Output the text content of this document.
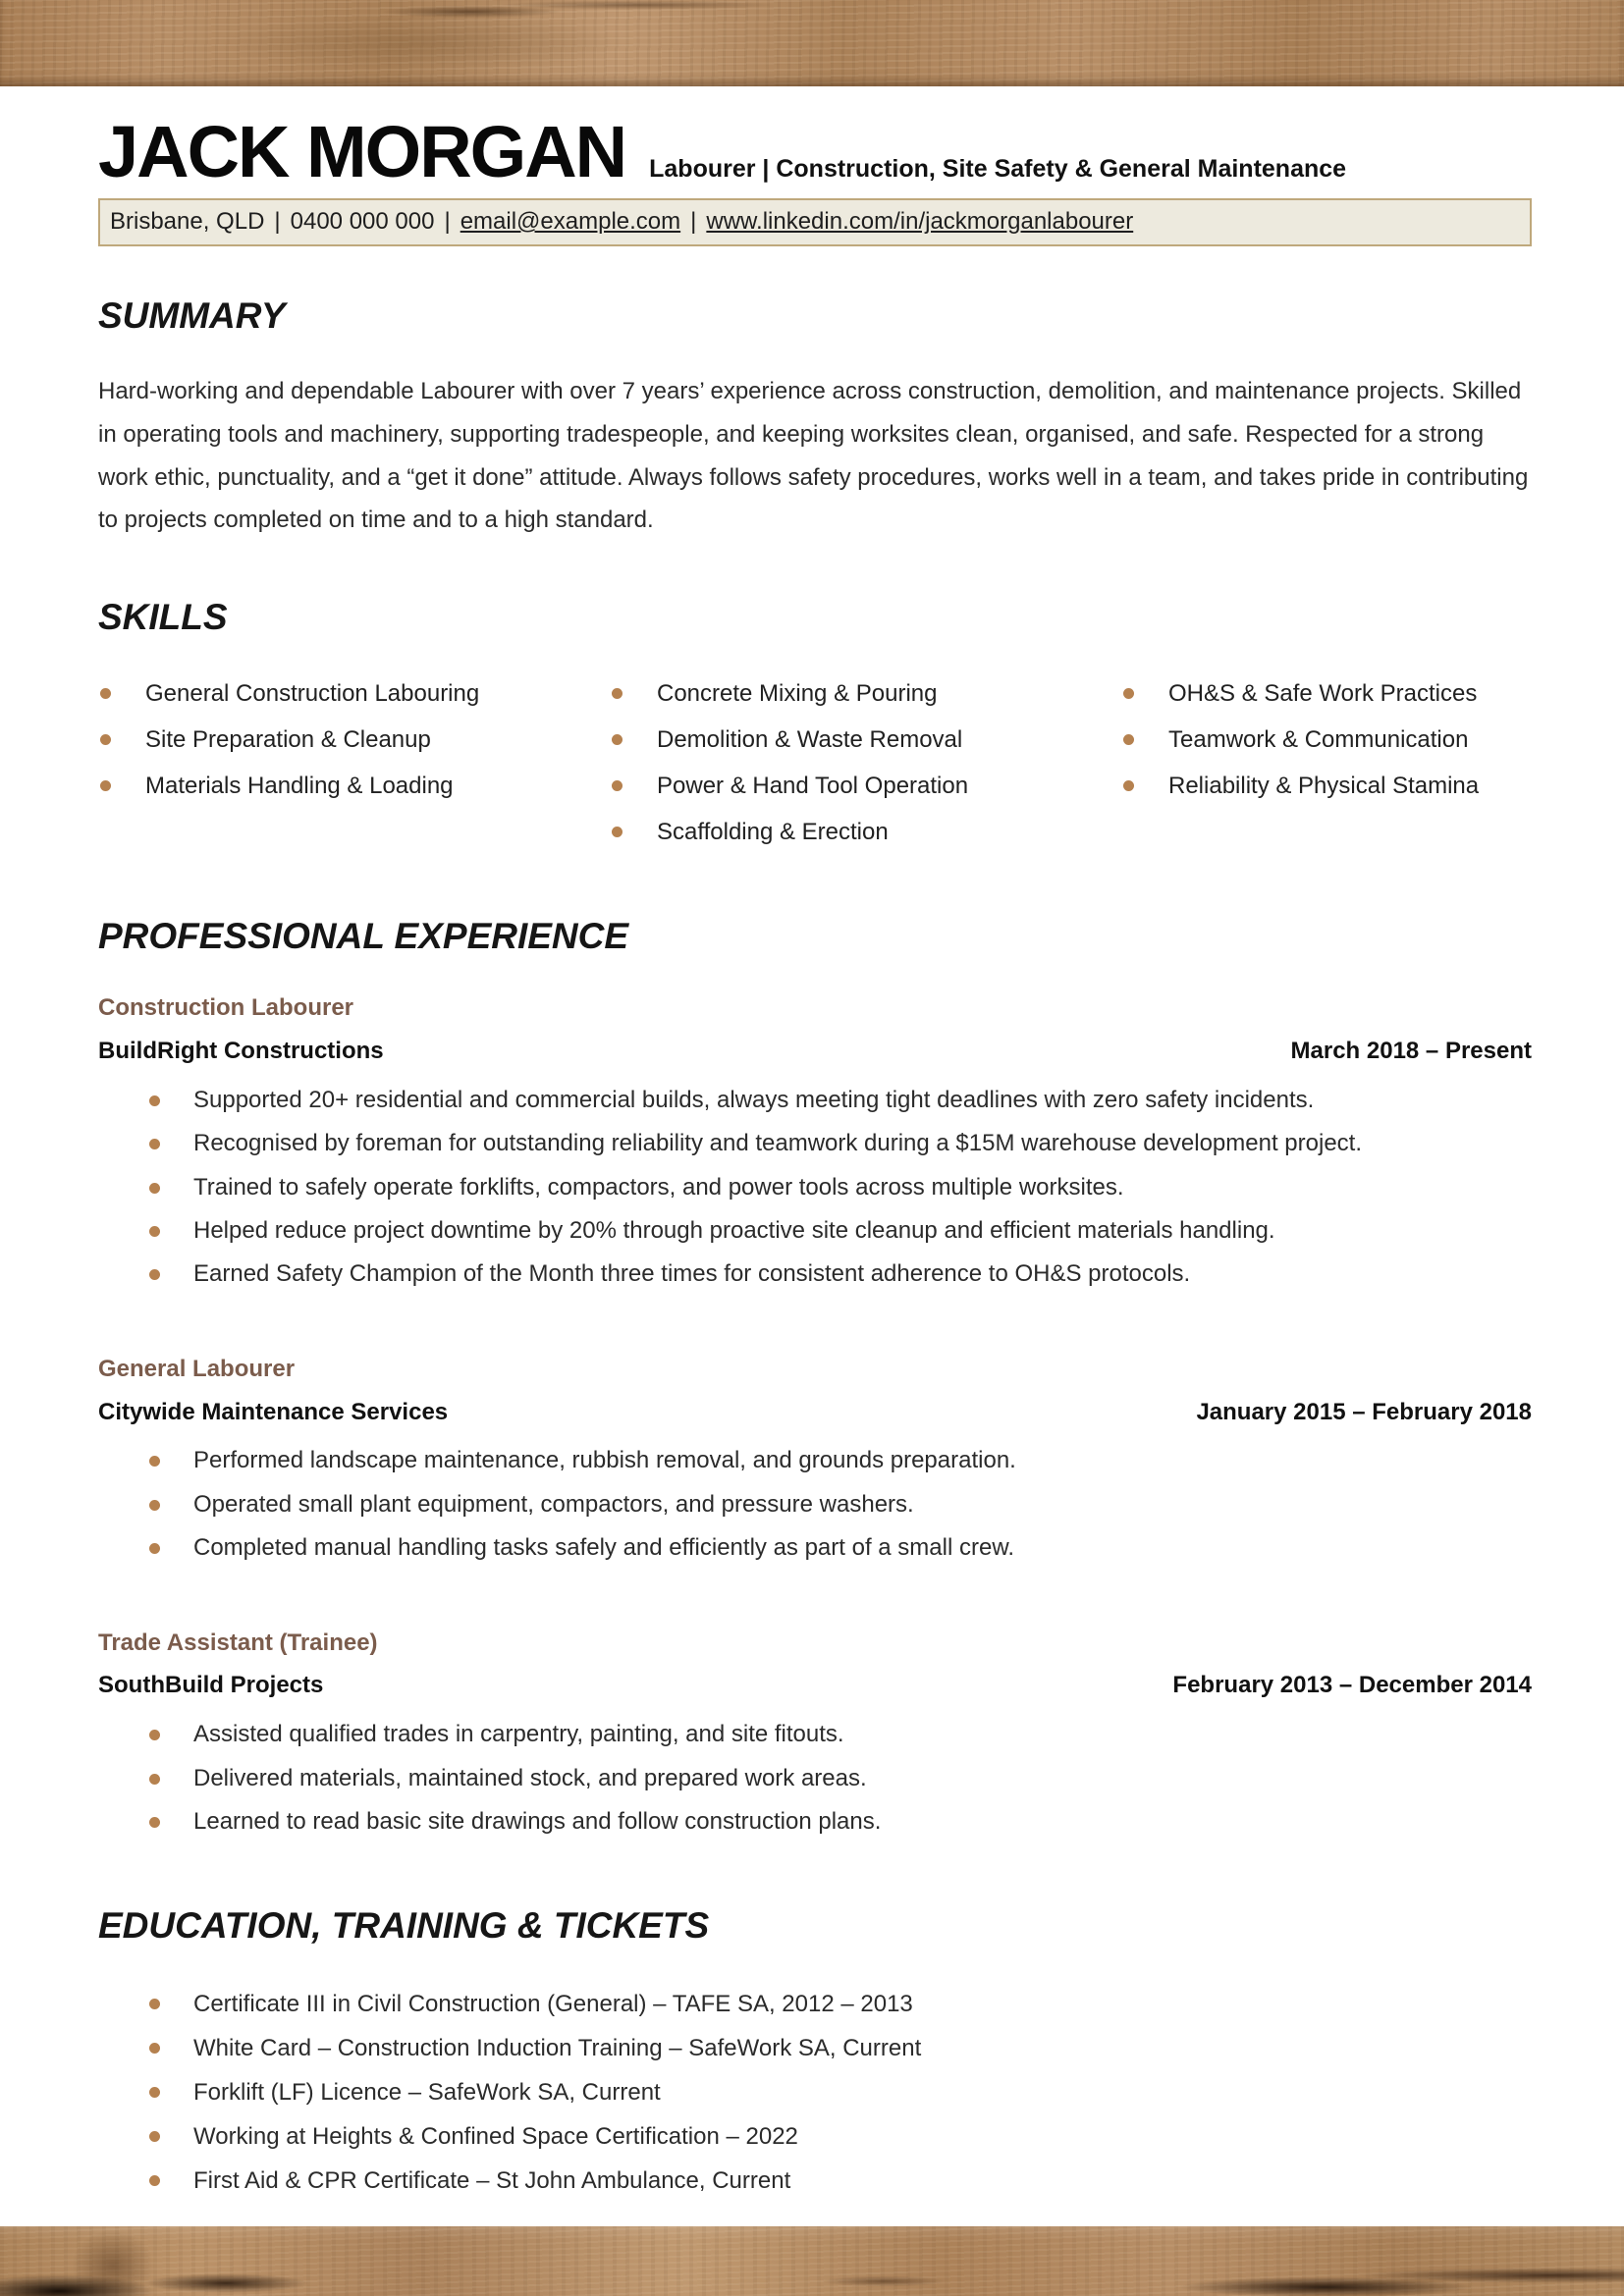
JACK MORGAN Labourer | Construction, Site Safety & General Maintenance
Brisbane, QLD | 0400 000 000 | email@example.com | www.linkedin.com/in/jackmorganlabourer
SUMMARY
Hard-working and dependable Labourer with over 7 years’ experience across construction, demolition, and maintenance projects. Skilled in operating tools and machinery, supporting tradespeople, and keeping worksites clean, organised, and safe. Respected for a strong work ethic, punctuality, and a “get it done” attitude. Always follows safety procedures, works well in a team, and takes pride in contributing to projects completed on time and to a high standard.
SKILLS
General Construction Labouring
Site Preparation & Cleanup
Materials Handling & Loading
Concrete Mixing & Pouring
Demolition & Waste Removal
Power & Hand Tool Operation
Scaffolding & Erection
OH&S & Safe Work Practices
Teamwork & Communication
Reliability & Physical Stamina
PROFESSIONAL EXPERIENCE
Construction Labourer
BuildRight Constructions	March 2018 – Present
Supported 20+ residential and commercial builds, always meeting tight deadlines with zero safety incidents.
Recognised by foreman for outstanding reliability and teamwork during a $15M warehouse development project.
Trained to safely operate forklifts, compactors, and power tools across multiple worksites.
Helped reduce project downtime by 20% through proactive site cleanup and efficient materials handling.
Earned Safety Champion of the Month three times for consistent adherence to OH&S protocols.
General Labourer
Citywide Maintenance Services	January 2015 – February 2018
Performed landscape maintenance, rubbish removal, and grounds preparation.
Operated small plant equipment, compactors, and pressure washers.
Completed manual handling tasks safely and efficiently as part of a small crew.
Trade Assistant (Trainee)
SouthBuild Projects	February 2013 – December 2014
Assisted qualified trades in carpentry, painting, and site fitouts.
Delivered materials, maintained stock, and prepared work areas.
Learned to read basic site drawings and follow construction plans.
EDUCATION, TRAINING & TICKETS
Certificate III in Civil Construction (General) – TAFE SA, 2012 – 2013
White Card – Construction Induction Training – SafeWork SA, Current
Forklift (LF) Licence – SafeWork SA, Current
Working at Heights & Confined Space Certification – 2022
First Aid & CPR Certificate – St John Ambulance, Current
